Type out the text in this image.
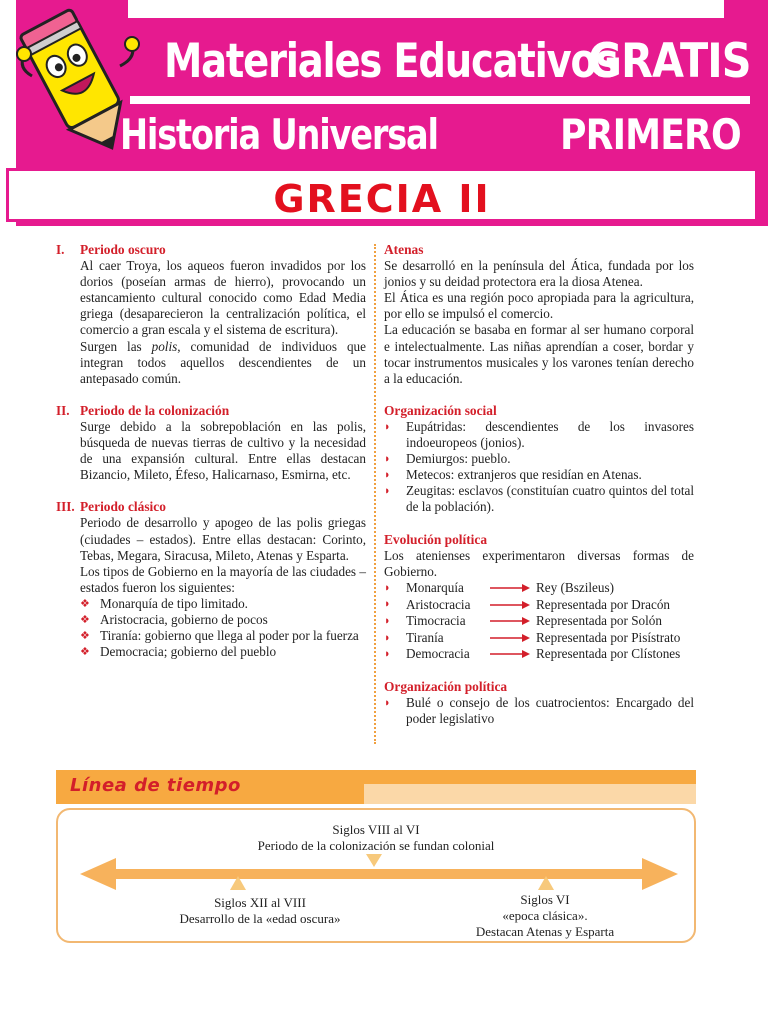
Materiales Educativos
GRATIS
Historia Universal	PRIMERO
GRECIA II
I.	Periodo oscuro
Al caer Troya, los aqueos fueron invadidos por los dorios (poseían armas de hierro), provocando un estancamiento cultural conocido como Edad Media griega (desaparecieron la centralización política, el comercio a gran escala y el sistema de escritura).
Surgen las polis, comunidad de individuos que integran todos aquellos descendientes de un antepasado común.
II. Periodo de la colonización
Surge debido a la sobrepoblación en las polis, búsqueda de nuevas tierras de cultivo y la necesidad de una expansión cultural. Entre ellas destacan Bizancio, Mileto, Éfeso, Halicarnaso, Esmirna, etc.
III. Periodo clásico
Periodo de desarrollo y apogeo de las polis griegas (ciudades – estados). Entre ellas destacan: Corinto, Tebas, Megara, Siracusa, Mileto, Atenas y Esparta.
Los tipos de Gobierno en la mayoría de las ciudades – estados fueron los siguientes:
❖ Monarquía de tipo limitado.
❖ Aristocracia, gobierno de pocos
❖ Tiranía: gobierno que llega al poder por la fuerza
❖ Democracia; gobierno del pueblo
Atenas
Se desarrolló en la península del Ática, fundada por los jonios y su deidad protectora era la diosa Atenea.
El Ática es una región poco apropiada para la agricultura, por ello se impulsó el comercio.
La educación se basaba en formar al ser humano corporal e intelectualmente. Las niñas aprendían a coser, bordar y tocar instrumentos musicales y los varones tenían derecho a la educación.
Organización social
◗ Eupátridas: descendientes de los invasores indoeuropeos (jonios).
◗ Demiurgos: pueblo.
◗ Metecos: extranjeros que residían en Atenas.
◗ Zeugitas: esclavos (constituían cuatro quintos del total de la población).
Evolución política
Los atenienses experimentaron diversas formas de Gobierno.
◗ Monarquía	Rey (Bszileus)
◗ Aristocracia	Representada por Dracón
◗ Timocracia	Representada por Solón
◗ Tiranía	Representada por Pisístrato
◗ Democracia	Representada por Clístones
Organización política
◗ Bulé o consejo de los cuatrocientos: Encargado del poder legislativo
Línea de tiempo
Siglos VIII al VI
Periodo de la colonización se fundan colonial
Siglos XII al VIII
Desarrollo de la «edad oscura»
Siglos VI
«epoca clásica».
Destacan Atenas y Esparta
